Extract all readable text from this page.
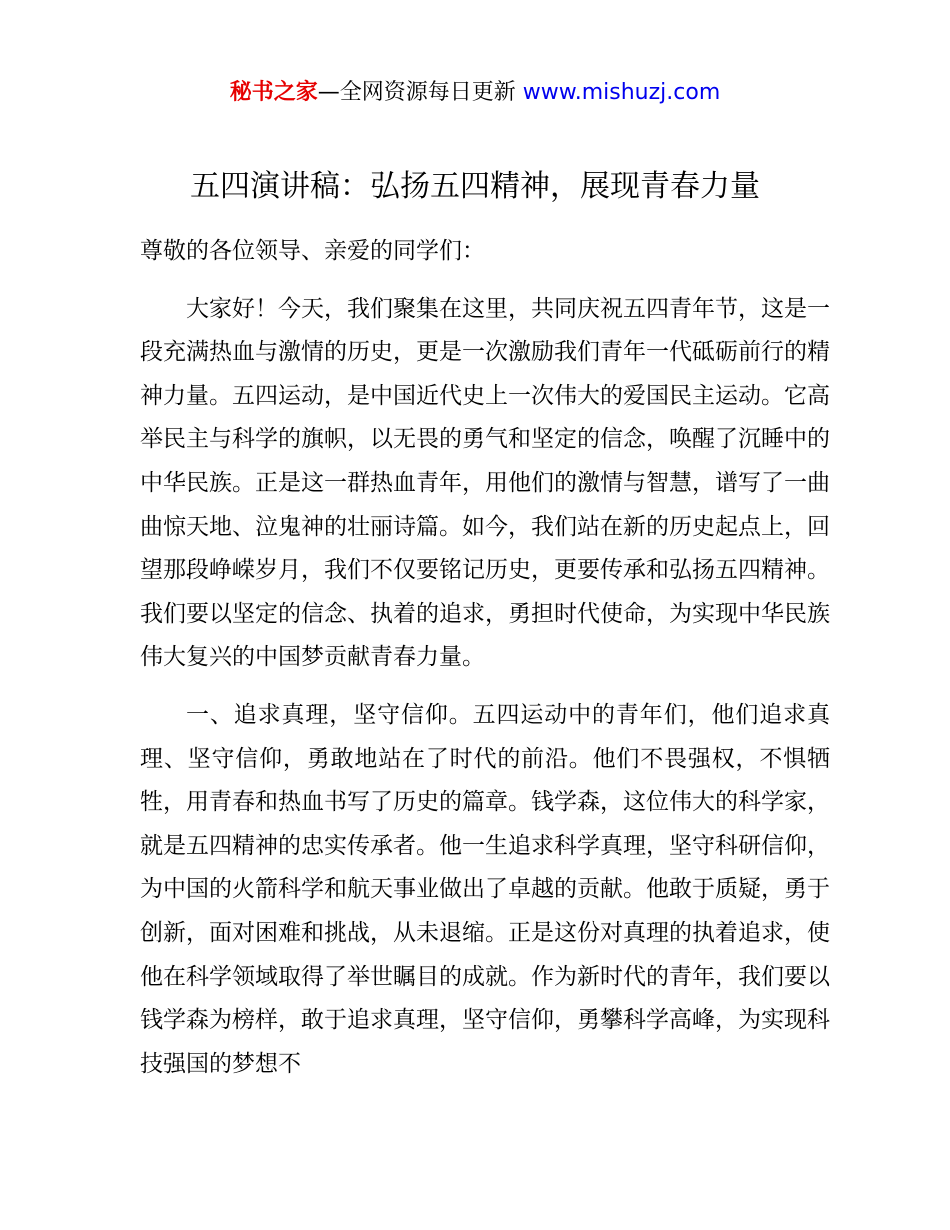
秘书之家—全网资源每日更新 www.mishuzj.com
五四演讲稿：弘扬五四精神，展现青春力量

尊敬的各位领导、亲爱的同学们：

大家好！今天，我们聚集在这里，共同庆祝五四青年节，这是一段充满热血与激情的历史，更是一次激励我们青年一代砥砺前行的精神力量。五四运动，是中国近代史上一次伟大的爱国民主运动。它高举民主与科学的旗帜，以无畏的勇气和坚定的信念，唤醒了沉睡中的中华民族。正是这一群热血青年，用他们的激情与智慧，谱写了一曲曲惊天地、泣鬼神的壮丽诗篇。如今，我们站在新的历史起点上，回望那段峥嵘岁月，我们不仅要铭记历史，更要传承和弘扬五四精神。我们要以坚定的信念、执着的追求，勇担时代使命，为实现中华民族伟大复兴的中国梦贡献青春力量。

一、追求真理，坚守信仰。五四运动中的青年们，他们追求真理、坚守信仰，勇敢地站在了时代的前沿。他们不畏强权，不惧牺牲，用青春和热血书写了历史的篇章。钱学森，这位伟大的科学家，就是五四精神的忠实传承者。他一生追求科学真理，坚守科研信仰，为中国的火箭科学和航天事业做出了卓越的贡献。他敢于质疑，勇于创新，面对困难和挑战，从未退缩。正是这份对真理的执着追求，使他在科学领域取得了举世瞩目的成就。作为新时代的青年，我们要以钱学森为榜样，敢于追求真理，坚守信仰，勇攀科学高峰，为实现科技强国的梦想不
